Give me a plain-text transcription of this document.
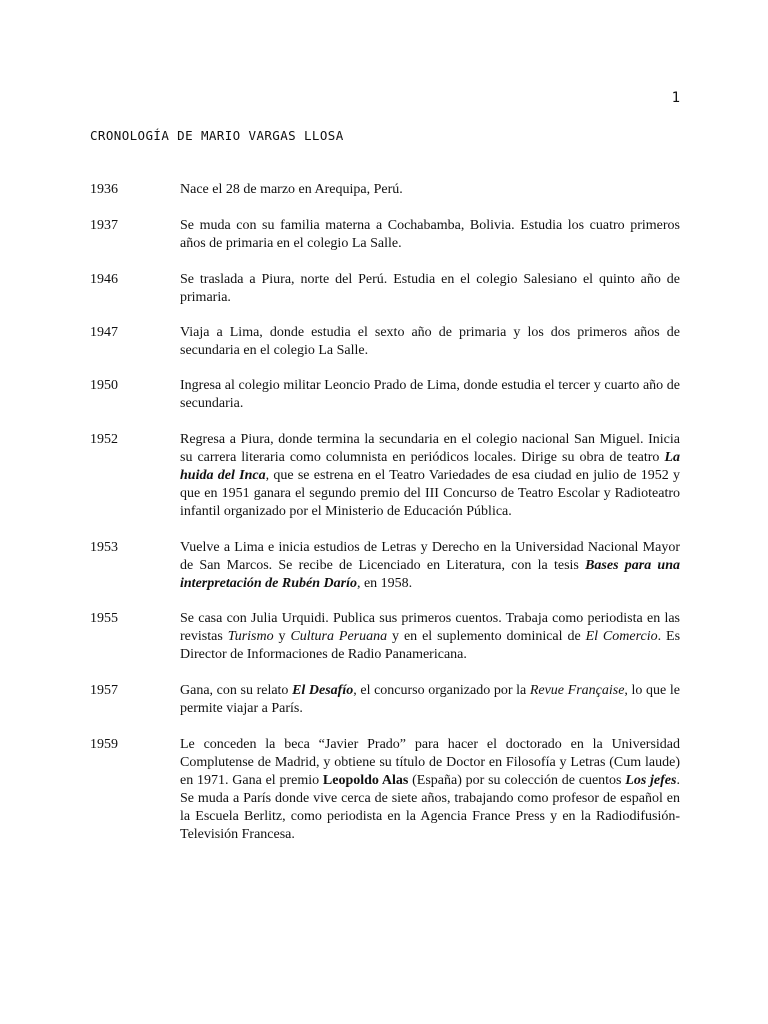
1
CRONOLOGÍA DE MARIO VARGAS LLOSA
1936	Nace el 28 de marzo en Arequipa, Perú.
1937	Se muda con su familia materna a Cochabamba, Bolivia. Estudia los cuatro primeros años de primaria en el colegio La Salle.
1946	Se traslada a Piura, norte del Perú. Estudia en el colegio Salesiano el quinto año de primaria.
1947	Viaja a Lima, donde estudia el sexto año de primaria y los dos primeros años de secundaria en el colegio La Salle.
1950	Ingresa al colegio militar Leoncio Prado de Lima, donde estudia el tercer y cuarto año de secundaria.
1952	Regresa a Piura, donde termina la secundaria en el colegio nacional San Miguel. Inicia su carrera literaria como columnista en periódicos locales. Dirige su obra de teatro La huida del Inca, que se estrena en el Teatro Variedades de esa ciudad en julio de 1952 y que en 1951 ganara el segundo premio del III Concurso de Teatro Escolar y Radioteatro infantil organizado por el Ministerio de Educación Pública.
1953	Vuelve a Lima e inicia estudios de Letras y Derecho en la Universidad Nacional Mayor de San Marcos. Se recibe de Licenciado en Literatura, con la tesis Bases para una interpretación de Rubén Darío, en 1958.
1955	Se casa con Julia Urquidi. Publica sus primeros cuentos. Trabaja como periodista en las revistas Turismo y Cultura Peruana y en el suplemento dominical de El Comercio. Es Director de Informaciones de Radio Panamericana.
1957	Gana, con su relato El Desafío, el concurso organizado por la Revue Française, lo que le permite viajar a París.
1959	Le conceden la beca “Javier Prado” para hacer el doctorado en la Universidad Complutense de Madrid, y obtiene su título de Doctor en Filosofía y Letras (Cum laude) en 1971. Gana el premio Leopoldo Alas (España) por su colección de cuentos Los jefes. Se muda a París donde vive cerca de siete años, trabajando como profesor de español en la Escuela Berlitz, como periodista en la Agencia France Press y en la Radiodifusión-Televisión Francesa.
